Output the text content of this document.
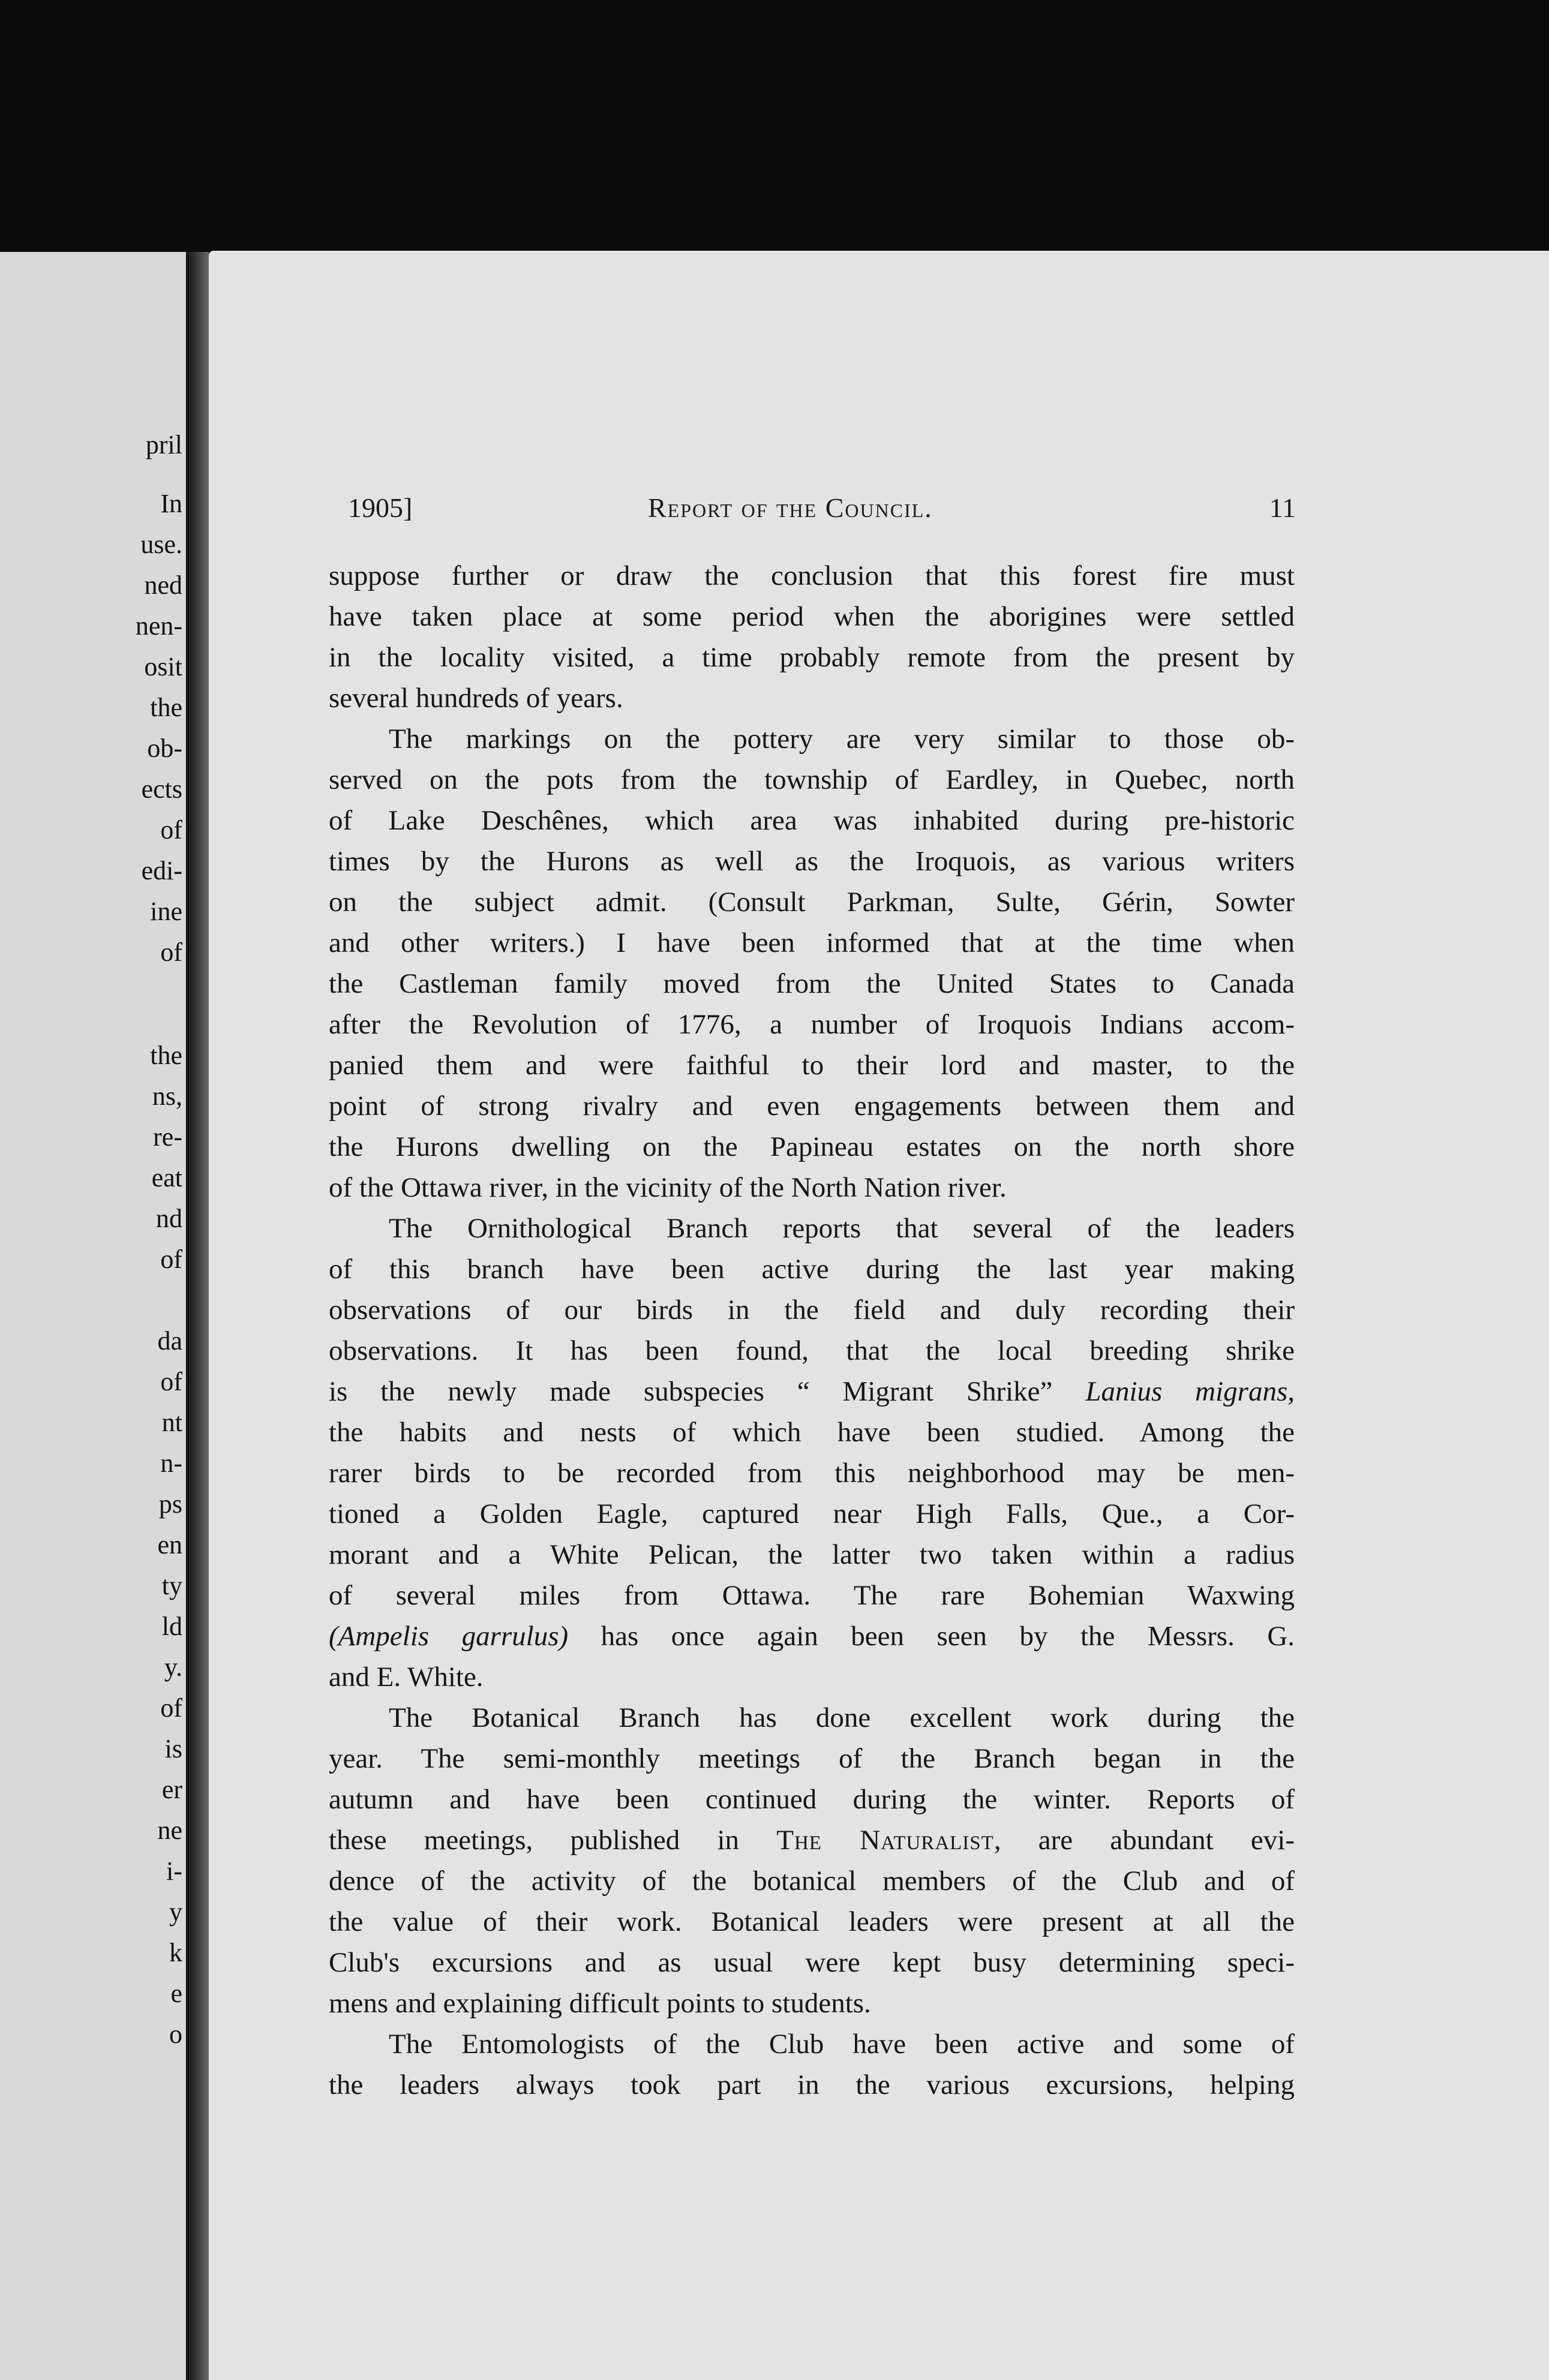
pril
In
use.
ned
nen-
osit
the
ob-
ects
of
edi-
ine
of
the
ns,
re-
eat
nd
of
da
of
nt
n-
ps
en
ty
ld
y.
of
is
er
ne
i-
y
k
e
o
1905]	Report of the Council.	11
suppose further or draw the conclusion that this forest fire must
have taken place at some period when the aborigines were settled
in the locality visited, a time probably remote from the present by
several hundreds of years.
The markings on the pottery are very similar to those ob-
served on the pots from the township of Eardley, in Quebec, north
of Lake Deschênes, which area was inhabited during pre-historic
times by the Hurons as well as the Iroquois, as various writers
on the subject admit. (Consult Parkman, Sulte, Gérin, Sowter
and other writers.) I have been informed that at the time when
the Castleman family moved from the United States to Canada
after the Revolution of 1776, a number of Iroquois Indians accom-
panied them and were faithful to their lord and master, to the
point of strong rivalry and even engagements between them and
the Hurons dwelling on the Papineau estates on the north shore
of the Ottawa river, in the vicinity of the North Nation river.
The Ornithological Branch reports that several of the leaders
of this branch have been active during the last year making
observations of our birds in the field and duly recording their
observations. It has been found, that the local breeding shrike
is the newly made subspecies “ Migrant Shrike” Lanius migrans,
the habits and nests of which have been studied. Among the
rarer birds to be recorded from this neighborhood may be men-
tioned a Golden Eagle, captured near High Falls, Que., a Cor-
morant and a White Pelican, the latter two taken within a radius
of several miles from Ottawa. The rare Bohemian Waxwing
(Ampelis garrulus) has once again been seen by the Messrs. G.
and E. White.
The Botanical Branch has done excellent work during the
year. The semi-monthly meetings of the Branch began in the
autumn and have been continued during the winter. Reports of
these meetings, published in The Naturalist, are abundant evi-
dence of the activity of the botanical members of the Club and of
the value of their work. Botanical leaders were present at all the
Club's excursions and as usual were kept busy determining speci-
mens and explaining difficult points to students.
The Entomologists of the Club have been active and some of
the leaders always took part in the various excursions, helping
